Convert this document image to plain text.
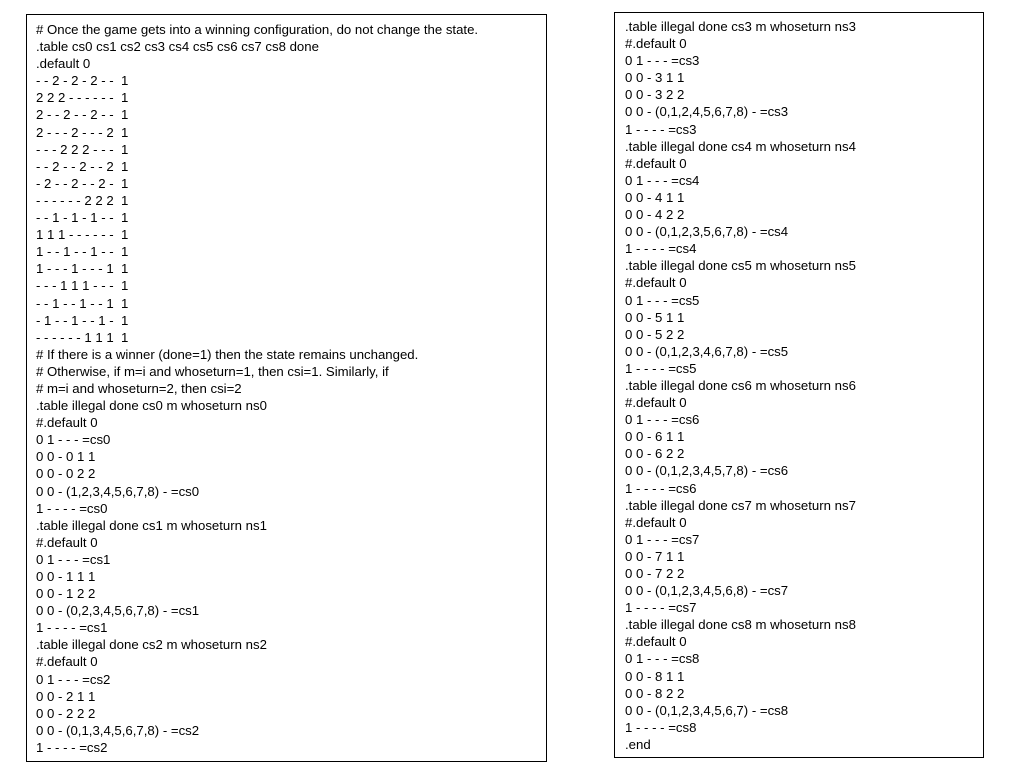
# Once the game gets into a winning configuration, do not change the state.
.table cs0 cs1 cs2 cs3 cs4 cs5 cs6 cs7 cs8 done
.default 0
- - 2 - 2 - 2 - -  1
2 2 2 - - - - - -  1
2 - - 2 - - 2 - -  1
2 - - - 2 - - - 2  1
- - - 2 2 2 - - -  1
- - 2 - - 2 - - 2  1
- 2 - - 2 - - 2 -  1
- - - - - - 2 2 2  1
- - 1 - 1 - 1 - -  1
1 1 1 - - - - - -  1
1 - - 1 - - 1 - -  1
1 - - - 1 - - - 1  1
- - - 1 1 1 - - -  1
- - 1 - - 1 - - 1  1
- 1 - - 1 - - 1 -  1
- - - - - - 1 1 1  1
# If there is a winner (done=1) then the state remains unchanged.
# Otherwise, if m=i and whoseturn=1, then csi=1. Similarly, if
# m=i and whoseturn=2, then csi=2
.table illegal done cs0 m whoseturn ns0
#.default 0
0 1 - - - =cs0
0 0 - 0 1 1
0 0 - 0 2 2
0 0 - (1,2,3,4,5,6,7,8) - =cs0
1 - - - - =cs0
.table illegal done cs1 m whoseturn ns1
#.default 0
0 1 - - - =cs1
0 0 - 1 1 1
0 0 - 1 2 2
0 0 - (0,2,3,4,5,6,7,8) - =cs1
1 - - - - =cs1
.table illegal done cs2 m whoseturn ns2
#.default 0
0 1 - - - =cs2
0 0 - 2 1 1
0 0 - 2 2 2
0 0 - (0,1,3,4,5,6,7,8) - =cs2
1 - - - - =cs2
.table illegal done cs3 m whoseturn ns3
#.default 0
0 1 - - - =cs3
0 0 - 3 1 1
0 0 - 3 2 2
0 0 - (0,1,2,4,5,6,7,8) - =cs3
1 - - - - =cs3
.table illegal done cs4 m whoseturn ns4
#.default 0
0 1 - - - =cs4
0 0 - 4 1 1
0 0 - 4 2 2
0 0 - (0,1,2,3,5,6,7,8) - =cs4
1 - - - - =cs4
.table illegal done cs5 m whoseturn ns5
#.default 0
0 1 - - - =cs5
0 0 - 5 1 1
0 0 - 5 2 2
0 0 - (0,1,2,3,4,6,7,8) - =cs5
1 - - - - =cs5
.table illegal done cs6 m whoseturn ns6
#.default 0
0 1 - - - =cs6
0 0 - 6 1 1
0 0 - 6 2 2
0 0 - (0,1,2,3,4,5,7,8) - =cs6
1 - - - - =cs6
.table illegal done cs7 m whoseturn ns7
#.default 0
0 1 - - - =cs7
0 0 - 7 1 1
0 0 - 7 2 2
0 0 - (0,1,2,3,4,5,6,8) - =cs7
1 - - - - =cs7
.table illegal done cs8 m whoseturn ns8
#.default 0
0 1 - - - =cs8
0 0 - 8 1 1
0 0 - 8 2 2
0 0 - (0,1,2,3,4,5,6,7) - =cs8
1 - - - - =cs8
.end
